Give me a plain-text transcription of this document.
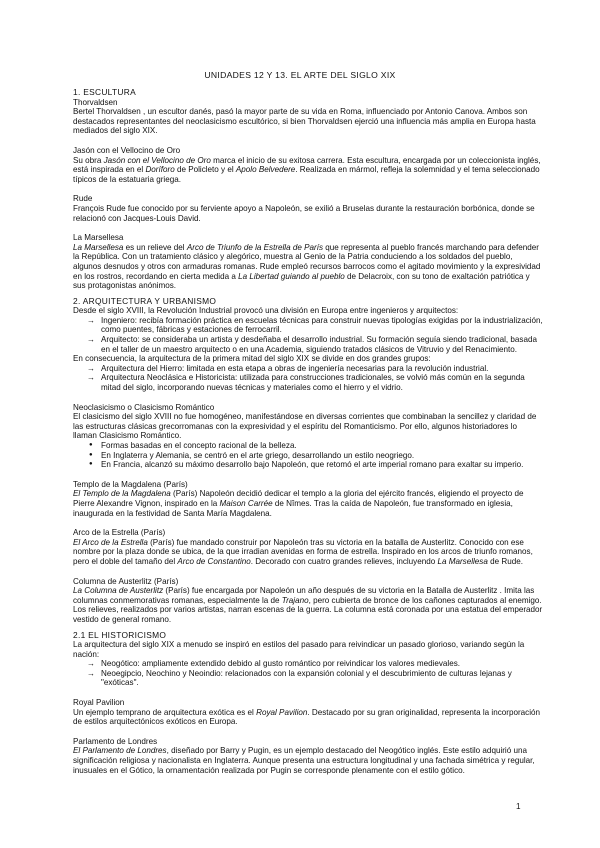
UNIDADES 12 Y 13. EL ARTE DEL SIGLO XIX

1. ESCULTURA

Thorvaldsen

Bertel Thorvaldsen , un escultor danés, pasó la mayor parte de su vida en Roma, influenciado por Antonio Canova. Ambos son destacados representantes del neoclasicismo escultórico, si bien Thorvaldsen ejerció una influencia más amplia en Europa hasta mediados del siglo XIX.

Jasón con el Vellocino de Oro

Su obra Jasón con el Vellocino de Oro marca el inicio de su exitosa carrera. Esta escultura, encargada por un coleccionista inglés, está inspirada en el Doríforo de Policleto y el Apolo Belvedere. Realizada en mármol, refleja la solemnidad y el tema seleccionado típicos de la estatuaria griega.

Rude

François Rude fue conocido por su ferviente apoyo a Napoleón, se exilió a Bruselas durante la restauración borbónica, donde se relacionó con Jacques-Louis David.

La Marsellesa

La Marsellesa es un relieve del Arco de Triunfo de la Estrella de París que representa al pueblo francés marchando para defender la República. Con un tratamiento clásico y alegórico, muestra al Genio de la Patria conduciendo a los soldados del pueblo, algunos desnudos y otros con armaduras romanas. Rude empleó recursos barrocos como el agitado movimiento y la expresividad en los rostros, recordando en cierta medida a La Libertad guiando al pueblo de Delacroix, con su tono de exaltación patriótica y sus protagonistas anónimos.

2. ARQUITECTURA Y URBANISMO

Desde el siglo XVIII, la Revolución Industrial provocó una división en Europa entre ingenieros y arquitectos:

→ Ingeniero: recibía formación práctica en escuelas técnicas para construir nuevas tipologías exigidas por la industrialización, como puentes, fábricas y estaciones de ferrocarril.
→ Arquitecto: se consideraba un artista y desdeñaba el desarrollo industrial. Su formación seguía siendo tradicional, basada en el taller de un maestro arquitecto o en una Academia, siguiendo tratados clásicos de Vitruvio y del Renacimiento.

En consecuencia, la arquitectura de la primera mitad del siglo XIX se divide en dos grandes grupos:

→ Arquitectura del Hierro: limitada en esta etapa a obras de ingeniería necesarias para la revolución industrial.
→ Arquitectura Neoclásica e Historicista: utilizada para construcciones tradicionales, se volvió más común en la segunda mitad del siglo, incorporando nuevas técnicas y materiales como el hierro y el vidrio.

Neoclasicismo o Clasicismo Romántico

El clasicismo del siglo XVIII no fue homogéneo, manifestándose en diversas corrientes que combinaban la sencillez y claridad de las estructuras clásicas grecorromanas con la expresividad y el espíritu del Romanticismo. Por ello, algunos historiadores lo llaman Clasicismo Romántico.

● Formas basadas en el concepto racional de la belleza.
● En Inglaterra y Alemania, se centró en el arte griego, desarrollando un estilo neogriego.
● En Francia, alcanzó su máximo desarrollo bajo Napoleón, que retomó el arte imperial romano para exaltar su imperio.

Templo de la Magdalena (París)

El Templo de la Magdalena (París) Napoleón decidió dedicar el templo a la gloria del ejército francés, eligiendo el proyecto de Pierre Alexandre Vignon, inspirado en la Maison Carrée de Nîmes. Tras la caída de Napoleón, fue transformado en iglesia, inaugurada en la festividad de Santa María Magdalena.

Arco de la Estrella (París)

El Arco de la Estrella (París) fue mandado construir por Napoleón tras su victoria en la batalla de Austerlitz. Conocido con ese nombre por la plaza donde se ubica, de la que irradian avenidas en forma de estrella. Inspirado en los arcos de triunfo romanos, pero el doble del tamaño del Arco de Constantino. Decorado con cuatro grandes relieves, incluyendo La Marsellesa de Rude.

Columna de Austerlitz (París)

La Columna de Austerlitz (París) fue encargada por Napoleón un año después de su victoria en la Batalla de Austerlitz . Imita las columnas conmemorativas romanas, especialmente la de Trajano, pero cubierta de bronce de los cañones capturados al enemigo. Los relieves, realizados por varios artistas, narran escenas de la guerra. La columna está coronada por una estatua del emperador vestido de general romano.

2.1 EL HISTORICISMO

La arquitectura del siglo XIX a menudo se inspiró en estilos del pasado para reivindicar un pasado glorioso, variando según la nación:

→ Neogótico: ampliamente extendido debido al gusto romántico por reivindicar los valores medievales.
→ Neoegipcio, Neochino y Neoindio: relacionados con la expansión colonial y el descubrimiento de culturas lejanas y "exóticas".

Royal Pavilion

Un ejemplo temprano de arquitectura exótica es el Royal Pavilion. Destacado por su gran originalidad, representa la incorporación de estilos arquitectónicos exóticos en Europa.

Parlamento de Londres

El Parlamento de Londres, diseñado por Barry y Pugin, es un ejemplo destacado del Neogótico inglés. Este estilo adquirió una significación religiosa y nacionalista en Inglaterra. Aunque presenta una estructura longitudinal y una fachada simétrica y regular, inusuales en el Gótico, la ornamentación realizada por Pugin se corresponde plenamente con el estilo gótico.

1
